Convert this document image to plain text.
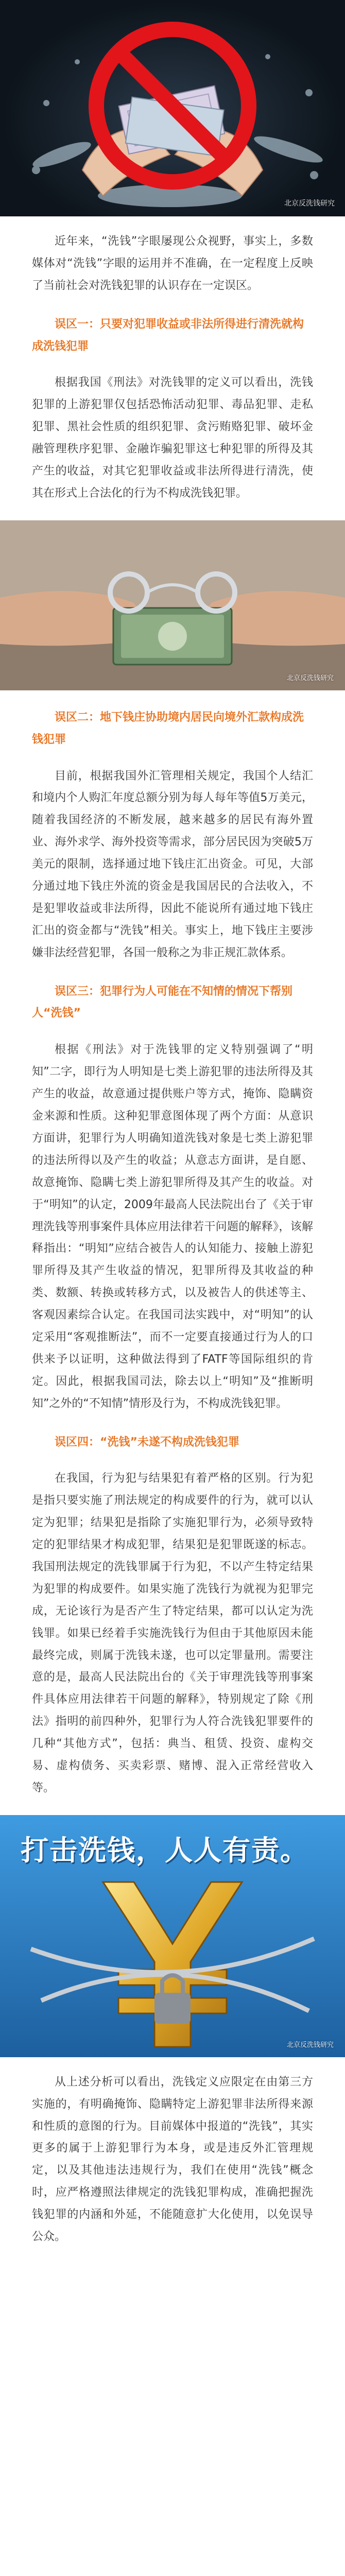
北京反洗钱研究

近年来，“洗钱”字眼屡现公众视野，事实上，多数媒体对“洗钱”字眼的运用并不准确，在一定程度上反映了当前社会对洗钱犯罪的认识存在一定误区。

误区一：只要对犯罪收益或非法所得进行清洗就构成洗钱犯罪

根据我国《刑法》对洗钱罪的定义可以看出，洗钱犯罪的上游犯罪仅包括恐怖活动犯罪、毒品犯罪、走私犯罪、黑社会性质的组织犯罪、贪污贿赂犯罪、破坏金融管理秩序犯罪、金融诈骗犯罪这七种犯罪的所得及其产生的收益，对其它犯罪收益或非法所得进行清洗，使其在形式上合法化的行为不构成洗钱犯罪。

北京反洗钱研究
误区二：地下钱庄协助境内居民向境外汇款构成洗钱犯罪

目前，根据我国外汇管理相关规定，我国个人结汇和境内个人购汇年度总额分别为每人每年等值5万美元，随着我国经济的不断发展，越来越多的居民有海外置业、海外求学、海外投资等需求，部分居民因为突破5万美元的限制，选择通过地下钱庄汇出资金。可见，大部分通过地下钱庄外流的资金是我国居民的合法收入，不是犯罪收益或非法所得，因此不能说所有通过地下钱庄汇出的资金都与“洗钱”相关。事实上，地下钱庄主要涉嫌非法经营犯罪，各国一般称之为非正规汇款体系。

误区三：犯罪行为人可能在不知情的情况下帮别人“洗钱”

根据《刑法》对于洗钱罪的定义特别强调了“明知”二字，即行为人明知是七类上游犯罪的违法所得及其产生的收益，故意通过提供账户等方式，掩饰、隐瞒资金来源和性质。这种犯罪意图体现了两个方面：从意识方面讲，犯罪行为人明确知道洗钱对象是七类上游犯罪的违法所得以及产生的收益；从意志方面讲，是自愿、故意掩饰、隐瞒七类上游犯罪所得及其产生的收益。对于“明知”的认定，2009年最高人民法院出台了《关于审理洗钱等刑事案件具体应用法律若干问题的解释》，该解释指出：“明知”应结合被告人的认知能力、接触上游犯罪所得及其产生收益的情况，犯罪所得及其收益的种类、数额、转换或转移方式，以及被告人的供述等主、客观因素综合认定。在我国司法实践中，对“明知”的认定采用“客观推断法”，而不一定要直接通过行为人的口供来予以证明，这种做法得到了FATF等国际组织的肯定。因此，根据我国司法，除去以上“明知”及“推断明知”之外的“不知情”情形及行为，不构成洗钱犯罪。

误区四：“洗钱”未遂不构成洗钱犯罪

在我国，行为犯与结果犯有着严格的区别。行为犯是指只要实施了刑法规定的构成要件的行为，就可以认定为犯罪；结果犯是指除了实施犯罪行为，必须导致特定的犯罪结果才构成犯罪，结果犯是犯罪既遂的标志。我国刑法规定的洗钱罪属于行为犯，不以产生特定结果为犯罪的构成要件。如果实施了洗钱行为就视为犯罪完成，无论该行为是否产生了特定结果，都可以认定为洗钱罪。如果已经着手实施洗钱行为但由于其他原因未能最终完成，则属于洗钱未遂，也可以定罪量刑。需要注意的是，最高人民法院出台的《关于审理洗钱等刑事案件具体应用法律若干问题的解释》，特别规定了除《刑法》指明的前四种外，犯罪行为人符合洗钱犯罪要件的几种“其他方式”，包括：典当、租赁、投资、虚构交易、虚构债务、买卖彩票、赌博、混入正常经营收入等。

打击洗钱，人人有责。
北京反洗钱研究

从上述分析可以看出，洗钱定义应限定在由第三方实施的，有明确掩饰、隐瞒特定上游犯罪非法所得来源和性质的意图的行为。目前媒体中报道的“洗钱”，其实更多的属于上游犯罪行为本身，或是违反外汇管理规定，以及其他违法违规行为，我们在使用“洗钱”概念时，应严格遵照法律规定的洗钱犯罪构成，准确把握洗钱犯罪的内涵和外延，不能随意扩大化使用，以免误导公众。
